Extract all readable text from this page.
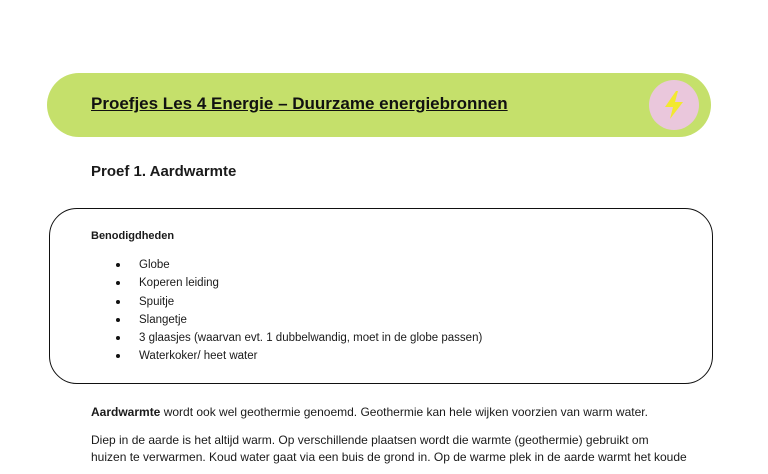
Proefjes Les 4 Energie – Duurzame energiebronnen
Proef 1. Aardwarmte
Benodigdheden
Globe
Koperen leiding
Spuitje
Slangetje
3 glaasjes (waarvan evt. 1 dubbelwandig, moet in de globe passen)
Waterkoker/ heet water

Aardwarmte wordt ook wel geothermie genoemd. Geothermie kan hele wijken voorzien van warm water.

Diep in de aarde is het altijd warm. Op verschillende plaatsen wordt die warmte (geothermie) gebruikt om
huizen te verwarmen. Koud water gaat via een buis de grond in. Op de warme plek in de aarde warmt het koude
